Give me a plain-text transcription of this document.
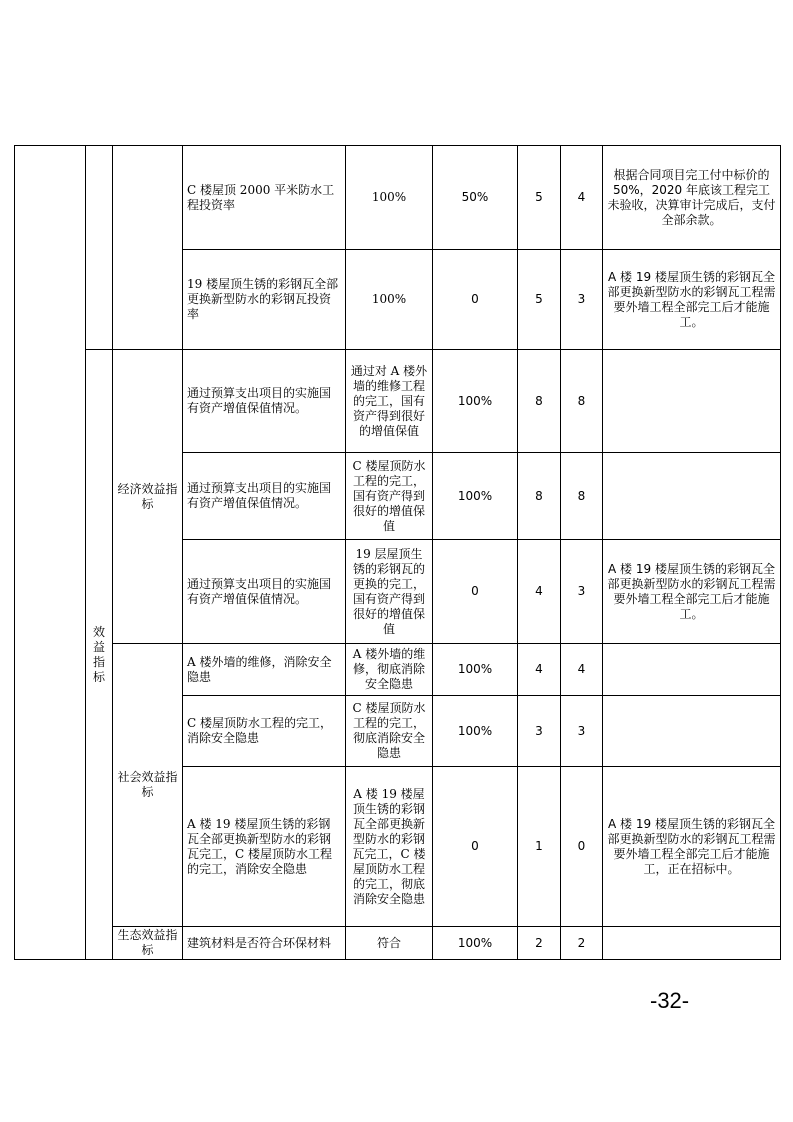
			C 楼屋顶 2000 平米防水工程投资率	100%	50%	5	4	根据合同项目完工付中标价的 50%，2020 年底该工程完工未验收，决算审计完成后，支付全部余款。
			19 楼屋顶生锈的彩钢瓦全部更换新型防水的彩钢瓦投资率	100%	0	5	3	A 楼 19 楼屋顶生锈的彩钢瓦全部更换新型防水的彩钢瓦工程需要外墙工程全部完工后才能施工。
	效益指标	经济效益指标	通过预算支出项目的实施国有资产增值保值情况。	通过对 A 楼外墙的维修工程的完工，国有资产得到很好的增值保值	100%	8	8	
			通过预算支出项目的实施国有资产增值保值情况。	C 楼屋顶防水工程的完工，国有资产得到很好的增值保值	100%	8	8	
			通过预算支出项目的实施国有资产增值保值情况。	19 层屋顶生锈的彩钢瓦的更换的完工，国有资产得到很好的增值保值	0	4	3	A 楼 19 楼屋顶生锈的彩钢瓦全部更换新型防水的彩钢瓦工程需要外墙工程全部完工后才能施工。
		社会效益指标	A 楼外墙的维修，消除安全隐患	A 楼外墙的维修，彻底消除安全隐患	100%	4	4	
			C 楼屋顶防水工程的完工，消除安全隐患	C 楼屋顶防水工程的完工，彻底消除安全隐患	100%	3	3	
			A 楼 19 楼屋顶生锈的彩钢瓦全部更换新型防水的彩钢瓦完工，C 楼屋顶防水工程的完工，消除安全隐患	A 楼 19 楼屋顶生锈的彩钢瓦全部更换新型防水的彩钢瓦完工，C 楼屋顶防水工程的完工，彻底消除安全隐患	0	1	0	A 楼 19 楼屋顶生锈的彩钢瓦全部更换新型防水的彩钢瓦工程需要外墙工程全部完工后才能施工，正在招标中。
		生态效益指标	建筑材料是否符合环保材料	符合	100%	2	2	
-32-
